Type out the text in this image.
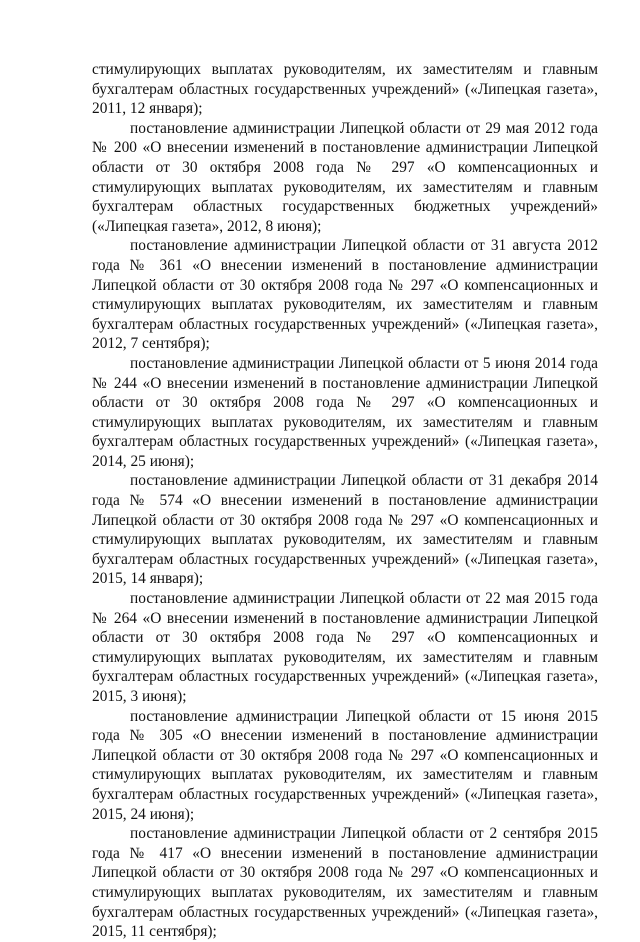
стимулирующих выплатах руководителям, их заместителям и главным бухгалтерам областных государственных учреждений» («Липецкая газета», 2011, 12 января);

постановление администрации Липецкой области от 29 мая 2012 года № 200 «О внесении изменений в постановление администрации Липецкой области от 30 октября 2008 года № 297 «О компенсационных и стимулирующих выплатах руководителям, их заместителям и главным бухгалтерам областных государственных бюджетных учреждений» («Липецкая газета», 2012, 8 июня);

постановление администрации Липецкой области от 31 августа 2012 года № 361 «О внесении изменений в постановление администрации Липецкой области от 30 октября 2008 года № 297 «О компенсационных и стимулирующих выплатах руководителям, их заместителям и главным бухгалтерам областных государственных учреждений» («Липецкая газета», 2012, 7 сентября);

постановление администрации Липецкой области от 5 июня 2014 года № 244 «О внесении изменений в постановление администрации Липецкой области от 30 октября 2008 года № 297 «О компенсационных и стимулирующих выплатах руководителям, их заместителям и главным бухгалтерам областных государственных учреждений» («Липецкая газета», 2014, 25 июня);

постановление администрации Липецкой области от 31 декабря 2014 года № 574 «О внесении изменений в постановление администрации Липецкой области от 30 октября 2008 года № 297 «О компенсационных и стимулирующих выплатах руководителям, их заместителям и главным бухгалтерам областных государственных учреждений» («Липецкая газета», 2015, 14 января);

постановление администрации Липецкой области от 22 мая 2015 года № 264 «О внесении изменений в постановление администрации Липецкой области от 30 октября 2008 года № 297 «О компенсационных и стимулирующих выплатах руководителям, их заместителям и главным бухгалтерам областных государственных учреждений» («Липецкая газета», 2015, 3 июня);

постановление администрации Липецкой области от 15 июня 2015 года № 305 «О внесении изменений в постановление администрации Липецкой области от 30 октября 2008 года № 297 «О компенсационных и стимулирующих выплатах руководителям, их заместителям и главным бухгалтерам областных государственных учреждений» («Липецкая газета», 2015, 24 июня);

постановление администрации Липецкой области от 2 сентября 2015 года № 417 «О внесении изменений в постановление администрации Липецкой области от 30 октября 2008 года № 297 «О компенсационных и стимулирующих выплатах руководителям, их заместителям и главным бухгалтерам областных государственных учреждений» («Липецкая газета», 2015, 11 сентября);
